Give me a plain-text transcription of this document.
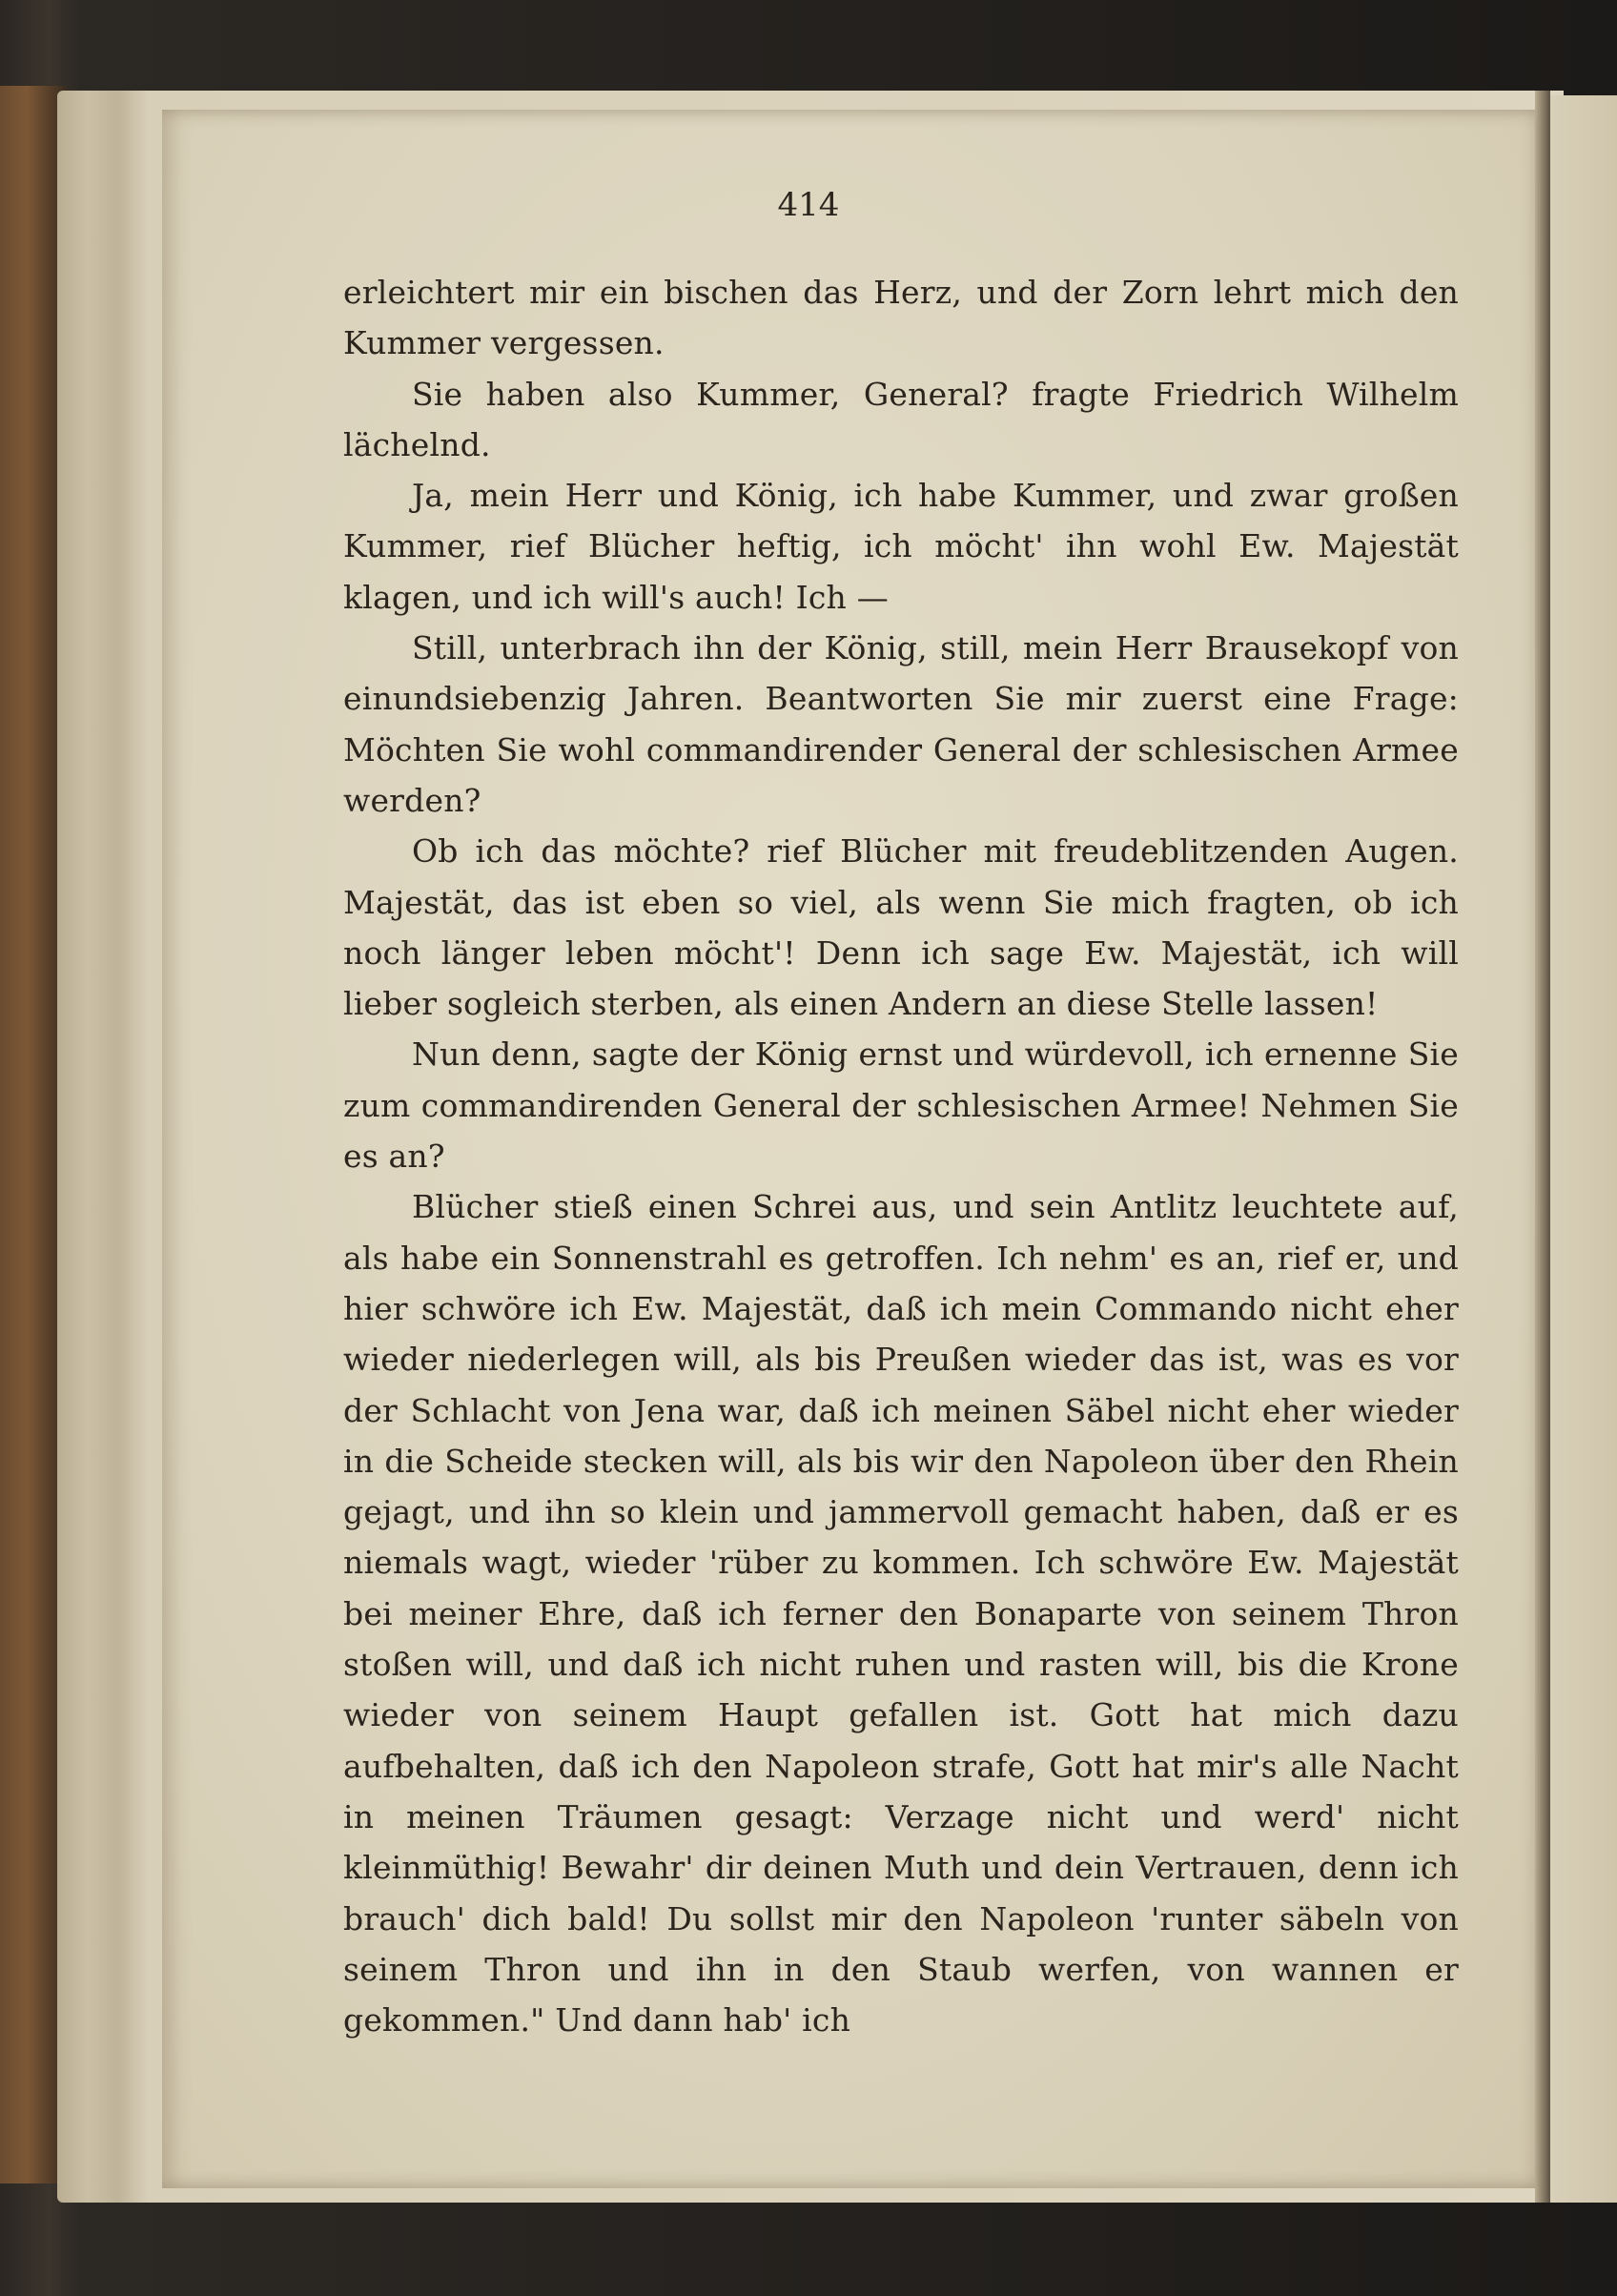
414

erleichtert mir ein bischen das Herz, und der Zorn lehrt mich den Kummer vergessen.

Sie haben also Kummer, General? fragte Friedrich Wilhelm lächelnd.

Ja, mein Herr und König, ich habe Kummer, und zwar großen Kummer, rief Blücher heftig, ich möcht' ihn wohl Ew. Majestät klagen, und ich will's auch! Ich —

Still, unterbrach ihn der König, still, mein Herr Brausekopf von einundsiebenzig Jahren. Beantworten Sie mir zuerst eine Frage: Möchten Sie wohl commandirender General der schlesischen Armee werden?

Ob ich das möchte? rief Blücher mit freudeblitzenden Augen. Majestät, das ist eben so viel, als wenn Sie mich fragten, ob ich noch länger leben möcht'! Denn ich sage Ew. Majestät, ich will lieber sogleich sterben, als einen Andern an diese Stelle lassen!

Nun denn, sagte der König ernst und würdevoll, ich ernenne Sie zum commandirenden General der schlesischen Armee! Nehmen Sie es an?

Blücher stieß einen Schrei aus, und sein Antlitz leuchtete auf, als habe ein Sonnenstrahl es getroffen. Ich nehm' es an, rief er, und hier schwöre ich Ew. Majestät, daß ich mein Commando nicht eher wieder niederlegen will, als bis Preußen wieder das ist, was es vor der Schlacht von Jena war, daß ich meinen Säbel nicht eher wieder in die Scheide stecken will, als bis wir den Napoleon über den Rhein gejagt, und ihn so klein und jammervoll gemacht haben, daß er es niemals wagt, wieder 'rüber zu kommen. Ich schwöre Ew. Majestät bei meiner Ehre, daß ich ferner den Bonaparte von seinem Thron stoßen will, und daß ich nicht ruhen und rasten will, bis die Krone wieder von seinem Haupt gefallen ist. Gott hat mich dazu aufbehalten, daß ich den Napoleon strafe, Gott hat mir's alle Nacht in meinen Träumen gesagt: Verzage nicht und werd' nicht kleinmüthig! Bewahr' dir deinen Muth und dein Vertrauen, denn ich brauch' dich bald! Du sollst mir den Napoleon 'runter säbeln von seinem Thron und ihn in den Staub werfen, von wannen er gekommen." Und dann hab' ich
